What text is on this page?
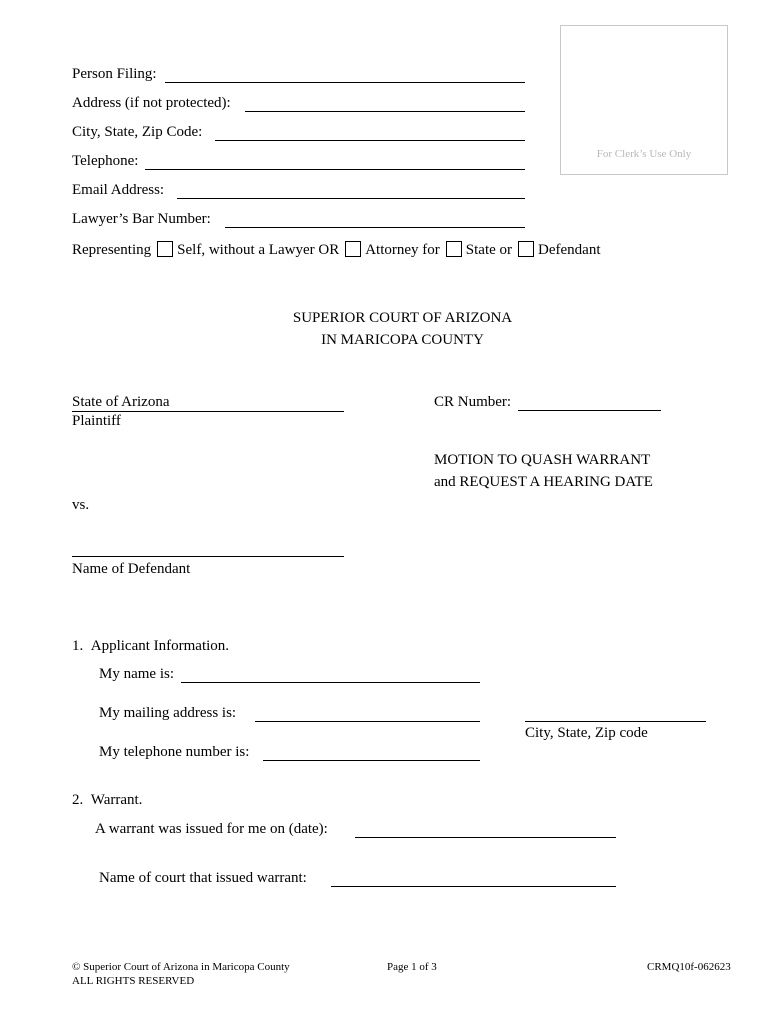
For Clerk’s Use Only
Person Filing:
Address (if not protected):
City, State, Zip Code:
Telephone:
Email Address:
Lawyer’s Bar Number:
Representing Self, without a Lawyer OR Attorney for State or Defendant
SUPERIOR COURT OF ARIZONA
IN MARICOPA COUNTY
State of Arizona
Plaintiff
vs.
Name of Defendant
CR Number:
MOTION TO QUASH WARRANT
and REQUEST A HEARING DATE
1.  Applicant Information.
My name is:
My mailing address is:
City, State, Zip code
My telephone number is:
2.  Warrant.
A warrant was issued for me on (date):
Name of court that issued warrant:
© Superior Court of Arizona in Maricopa County
ALL RIGHTS RESERVED
Page 1 of 3	CRMQ10f-062623
